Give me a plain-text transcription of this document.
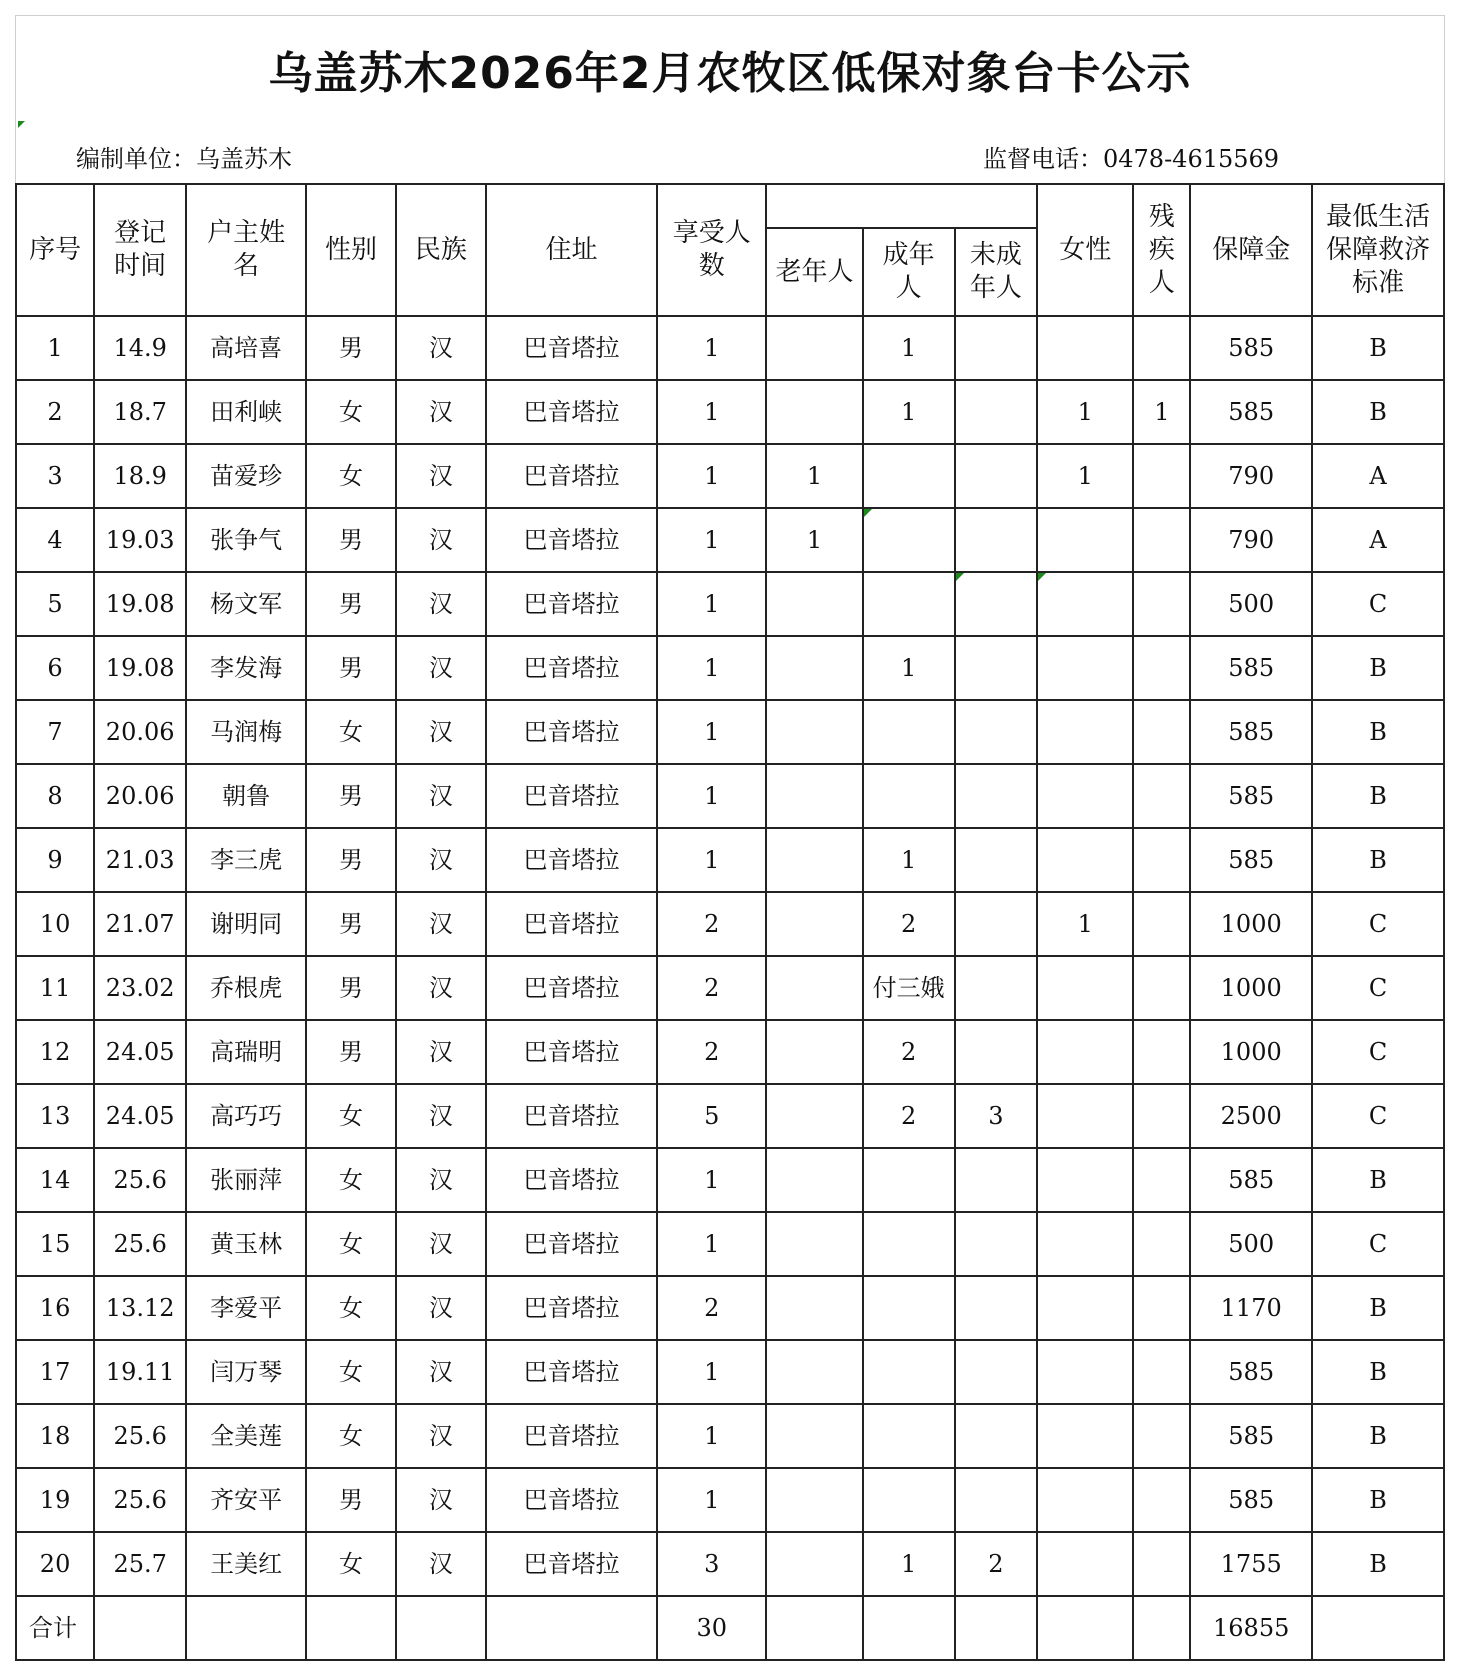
乌盖苏木2026年2月农牧区低保对象台卡公示
编制单位：乌盖苏木	监督电话：0478-4615569
序号	登记时间	户主姓名	性别	民族	住址	享受人数				女性	残疾人	保障金	最低生活保障救济标准

							老年人	成年人	未成年人				

1	14.9	高培喜	男	汉	巴音塔拉	1		1				585	B
2	18.7	田利峡	女	汉	巴音塔拉	1		1		1	1	585	B
3	18.9	苗爱珍	女	汉	巴音塔拉	1	1			1		790	A
4	19.03	张争气	男	汉	巴音塔拉	1	1					790	A
5	19.08	杨文军	男	汉	巴音塔拉	1						500	C
6	19.08	李发海	男	汉	巴音塔拉	1		1				585	B
7	20.06	马润梅	女	汉	巴音塔拉	1						585	B
8	20.06	朝鲁	男	汉	巴音塔拉	1						585	B
9	21.03	李三虎	男	汉	巴音塔拉	1		1				585	B
10	21.07	谢明同	男	汉	巴音塔拉	2		2		1		1000	C
11	23.02	乔根虎	男	汉	巴音塔拉	2		付三娥				1000	C
12	24.05	高瑞明	男	汉	巴音塔拉	2		2				1000	C
13	24.05	高巧巧	女	汉	巴音塔拉	5		2	3			2500	C
14	25.6	张丽萍	女	汉	巴音塔拉	1						585	B
15	25.6	黄玉林	女	汉	巴音塔拉	1						500	C
16	13.12	李爱平	女	汉	巴音塔拉	2						1170	B
17	19.11	闫万琴	女	汉	巴音塔拉	1						585	B
18	25.6	全美莲	女	汉	巴音塔拉	1						585	B
19	25.6	齐安平	男	汉	巴音塔拉	1						585	B
20	25.7	王美红	女	汉	巴音塔拉	3		1	2			1755	B
合计						30						16855	
